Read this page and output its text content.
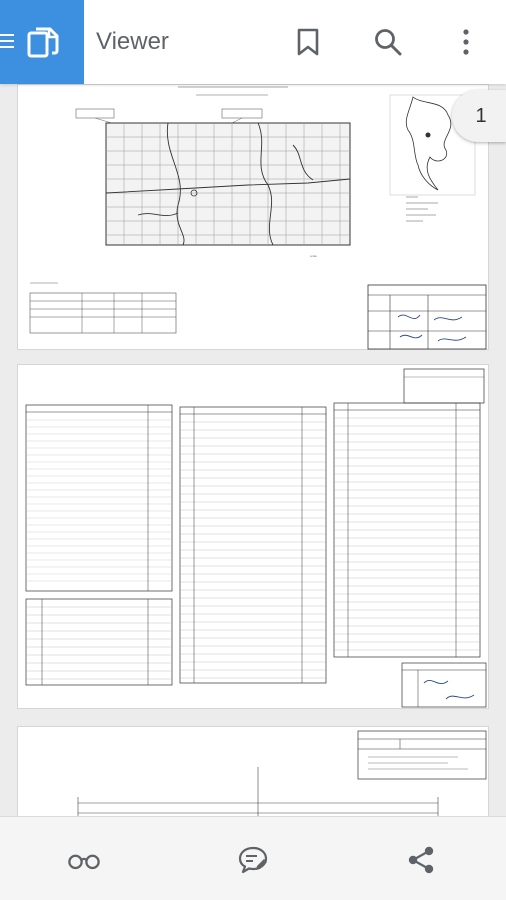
Viewer
scale
1
